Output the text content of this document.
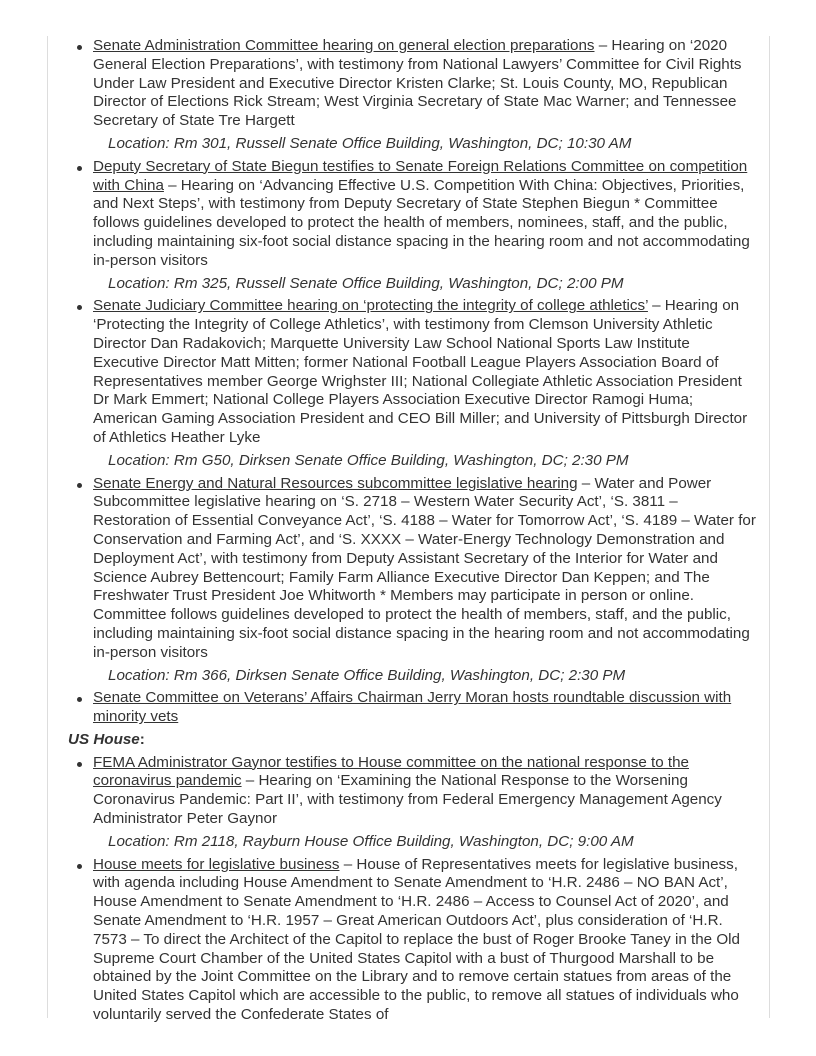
Senate Administration Committee hearing on general election preparations – Hearing on ‘2020 General Election Preparations’, with testimony from National Lawyers’ Committee for Civil Rights Under Law President and Executive Director Kristen Clarke; St. Louis County, MO, Republican Director of Elections Rick Stream; West Virginia Secretary of State Mac Warner; and Tennessee Secretary of State Tre Hargett
Location: Rm 301, Russell Senate Office Building, Washington, DC; 10:30 AM
Deputy Secretary of State Biegun testifies to Senate Foreign Relations Committee on competition with China – Hearing on ‘Advancing Effective U.S. Competition With China: Objectives, Priorities, and Next Steps’, with testimony from Deputy Secretary of State Stephen Biegun * Committee follows guidelines developed to protect the health of members, nominees, staff, and the public, including maintaining six-foot social distance spacing in the hearing room and not accommodating in-person visitors
Location: Rm 325, Russell Senate Office Building, Washington, DC; 2:00 PM
Senate Judiciary Committee hearing on ‘protecting the integrity of college athletics’ – Hearing on ‘Protecting the Integrity of College Athletics’, with testimony from Clemson University Athletic Director Dan Radakovich; Marquette University Law School National Sports Law Institute Executive Director Matt Mitten; former National Football League Players Association Board of Representatives member George Wrighster III; National Collegiate Athletic Association President Dr Mark Emmert; National College Players Association Executive Director Ramogi Huma; American Gaming Association President and CEO Bill Miller; and University of Pittsburgh Director of Athletics Heather Lyke
Location: Rm G50, Dirksen Senate Office Building, Washington, DC; 2:30 PM
Senate Energy and Natural Resources subcommittee legislative hearing – Water and Power Subcommittee legislative hearing on ‘S. 2718 – Western Water Security Act’, ‘S. 3811 – Restoration of Essential Conveyance Act’, ‘S. 4188 – Water for Tomorrow Act’, ‘S. 4189 – Water for Conservation and Farming Act’, and ‘S. XXXX – Water-Energy Technology Demonstration and Deployment Act’, with testimony from Deputy Assistant Secretary of the Interior for Water and Science Aubrey Bettencourt; Family Farm Alliance Executive Director Dan Keppen; and The Freshwater Trust President Joe Whitworth * Members may participate in person or online. Committee follows guidelines developed to protect the health of members, staff, and the public, including maintaining six-foot social distance spacing in the hearing room and not accommodating in-person visitors
Location: Rm 366, Dirksen Senate Office Building, Washington, DC; 2:30 PM
Senate Committee on Veterans’ Affairs Chairman Jerry Moran hosts roundtable discussion with minority vets
US House:
FEMA Administrator Gaynor testifies to House committee on the national response to the coronavirus pandemic – Hearing on ‘Examining the National Response to the Worsening Coronavirus Pandemic: Part II’, with testimony from Federal Emergency Management Agency Administrator Peter Gaynor
Location: Rm 2118, Rayburn House Office Building, Washington, DC; 9:00 AM
House meets for legislative business – House of Representatives meets for legislative business, with agenda including House Amendment to Senate Amendment to ‘H.R. 2486 – NO BAN Act’, House Amendment to Senate Amendment to ‘H.R. 2486 – Access to Counsel Act of 2020’, and Senate Amendment to ‘H.R. 1957 – Great American Outdoors Act’, plus consideration of ‘H.R. 7573 – To direct the Architect of the Capitol to replace the bust of Roger Brooke Taney in the Old Supreme Court Chamber of the United States Capitol with a bust of Thurgood Marshall to be obtained by the Joint Committee on the Library and to remove certain statues from areas of the United States Capitol which are accessible to the public, to remove all statues of individuals who voluntarily served the Confederate States of
